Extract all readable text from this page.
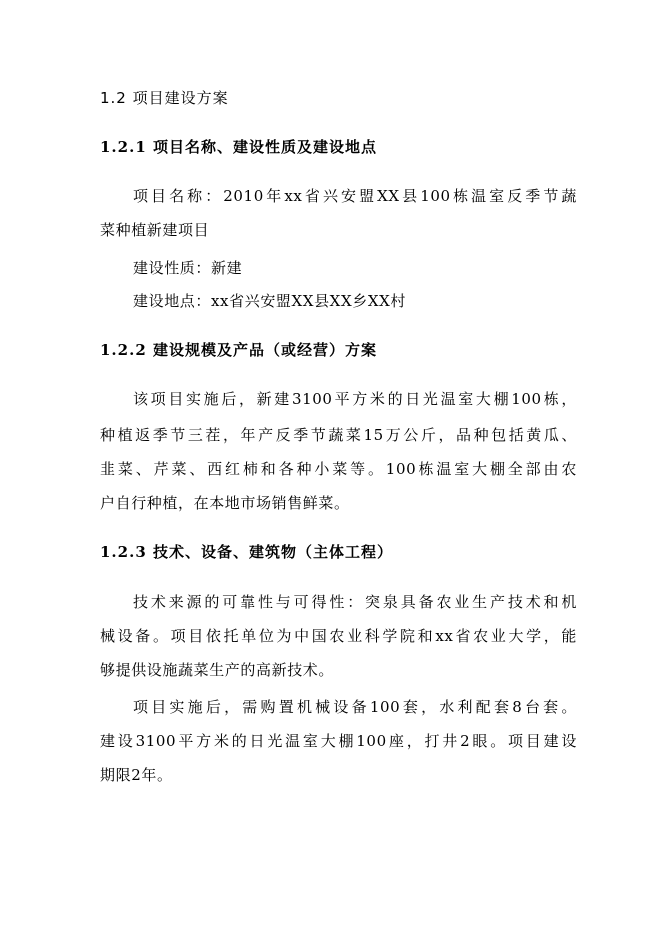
1.2 项目建设方案
1.2.1 项目名称、建设性质及建设地点
项目名称：2010年xx省兴安盟XX县100栋温室反季节蔬
菜种植新建项目
建设性质：新建
建设地点：xx省兴安盟XX县XX乡XX村
1.2.2 建设规模及产品（或经营）方案
该项目实施后，新建3100平方米的日光温室大棚100栋，
种植返季节三茬，年产反季节蔬菜15万公斤，品种包括黄瓜、
韭菜、芹菜、西红柿和各种小菜等。100栋温室大棚全部由农
户自行种植，在本地市场销售鲜菜。
1.2.3 技术、设备、建筑物（主体工程）
技术来源的可靠性与可得性：突泉具备农业生产技术和机
械设备。项目依托单位为中国农业科学院和xx省农业大学，能
够提供设施蔬菜生产的高新技术。
项目实施后，需购置机械设备100套，水利配套8台套。
建设3100平方米的日光温室大棚100座，打井2眼。项目建设
期限2年。
